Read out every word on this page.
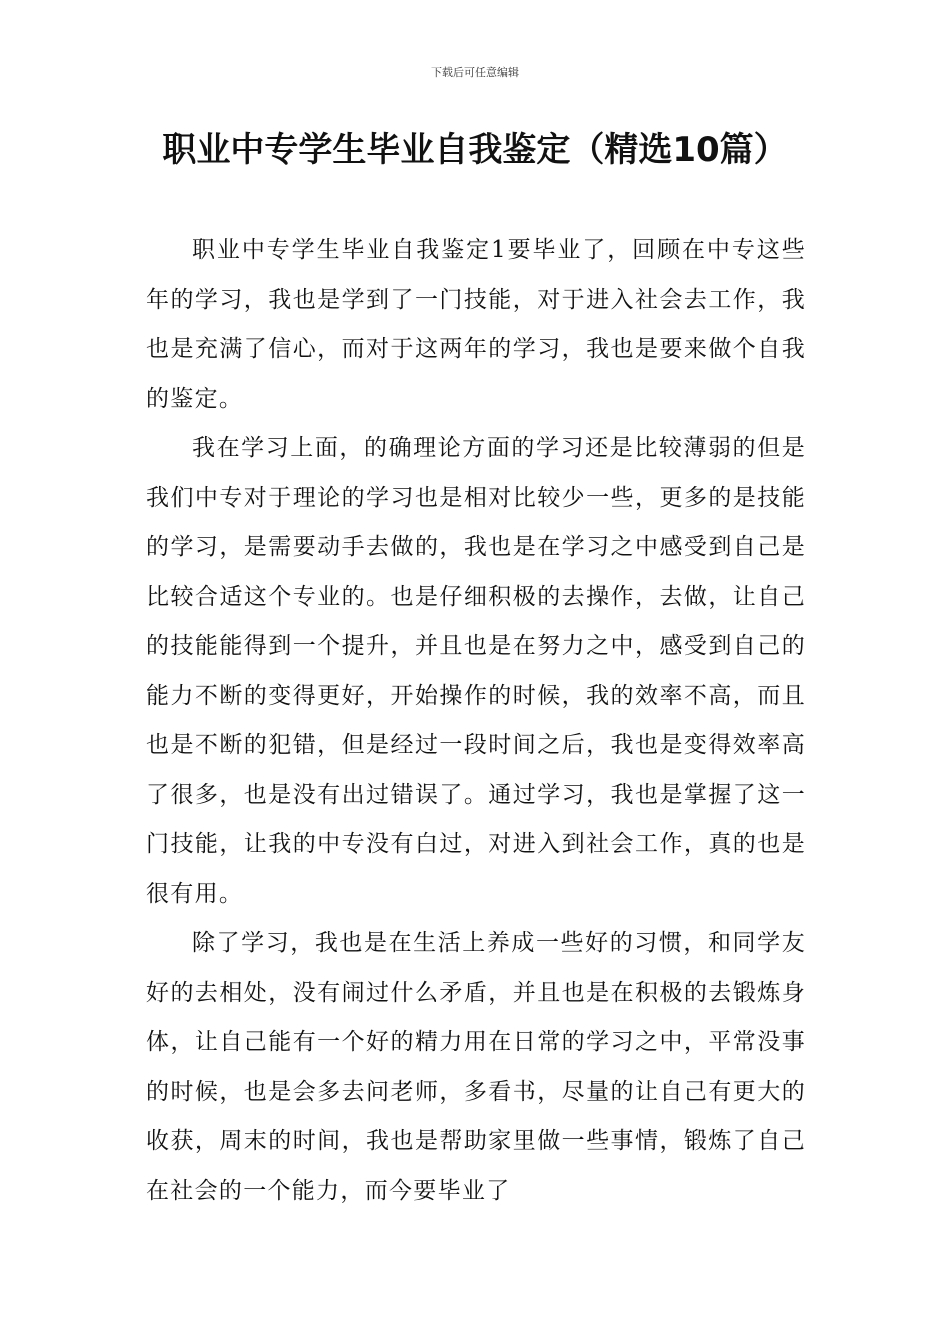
下载后可任意编辑
职业中专学生毕业自我鉴定（精选10篇）

职业中专学生毕业自我鉴定1要毕业了，回顾在中专这些年的学习，我也是学到了一门技能，对于进入社会去工作，我也是充满了信心，而对于这两年的学习，我也是要来做个自我的鉴定。

我在学习上面，的确理论方面的学习还是比较薄弱的但是我们中专对于理论的学习也是相对比较少一些，更多的是技能的学习，是需要动手去做的，我也是在学习之中感受到自己是比较合适这个专业的。也是仔细积极的去操作，去做，让自己的技能能得到一个提升，并且也是在努力之中，感受到自己的能力不断的变得更好，开始操作的时候，我的效率不高，而且也是不断的犯错，但是经过一段时间之后，我也是变得效率高了很多，也是没有出过错误了。通过学习，我也是掌握了这一门技能，让我的中专没有白过，对进入到社会工作，真的也是很有用。

除了学习，我也是在生活上养成一些好的习惯，和同学友好的去相处，没有闹过什么矛盾，并且也是在积极的去锻炼身体，让自己能有一个好的精力用在日常的学习之中，平常没事的时候，也是会多去问老师，多看书，尽量的让自己有更大的收获，周末的时间，我也是帮助家里做一些事情，锻炼了自己在社会的一个能力，而今要毕业了
